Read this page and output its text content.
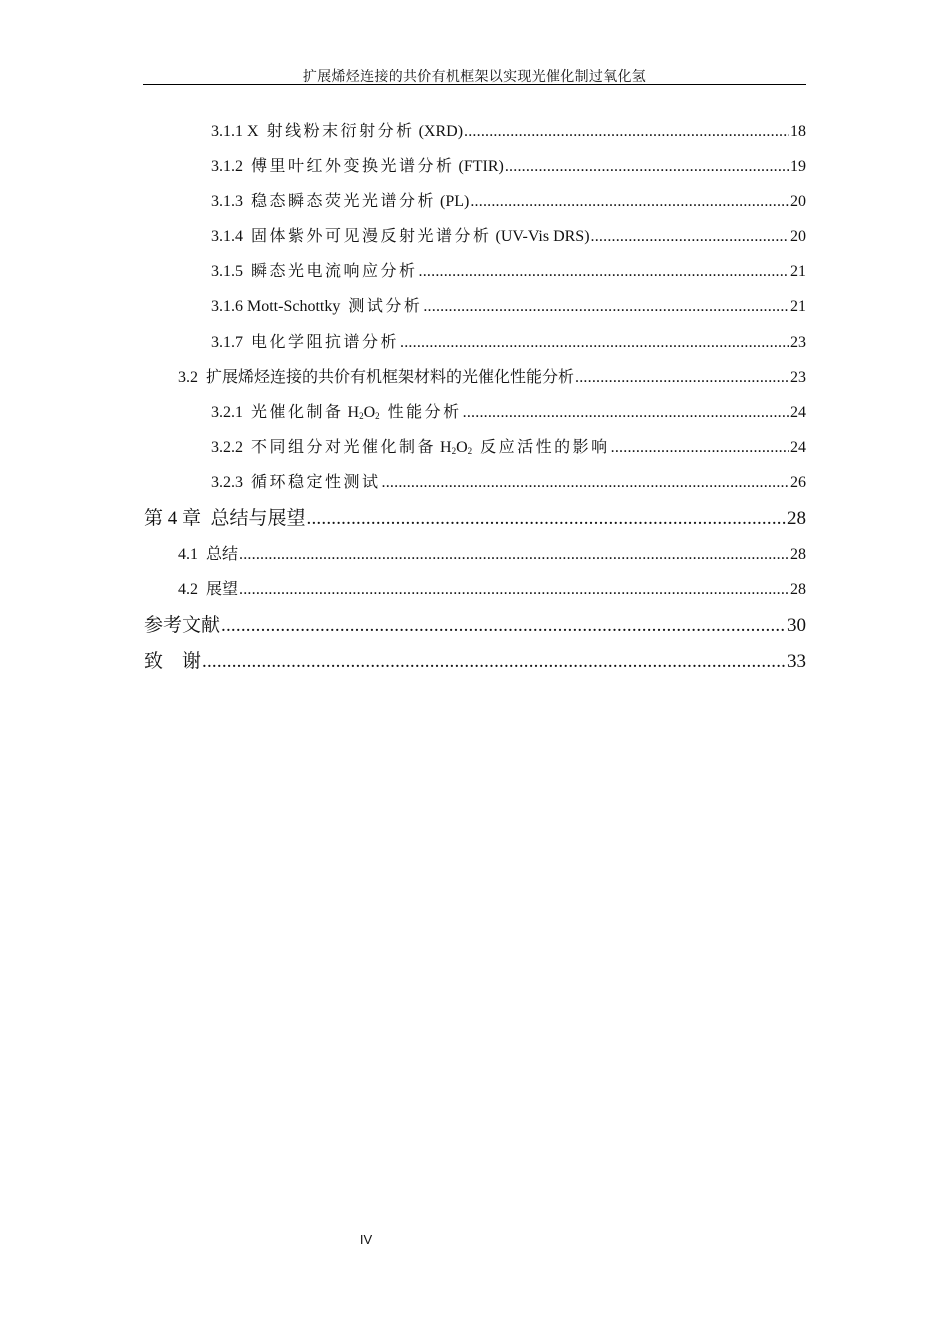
扩展烯烃连接的共价有机框架以实现光催化制过氧化氢
3.1.1 X 射线粉末衍射分析 (XRD) .....	18
3.1.2 傅里叶红外变换光谱分析 (FTIR) .....	19
3.1.3 稳态瞬态荧光光谱分析 (PL) .....	20
3.1.4 固体紫外可见漫反射光谱分析 (UV-Vis DRS) .....	20
3.1.5 瞬态光电流响应分析 .....	21
3.1.6 Mott-Schottky 测试分析 .....	21
3.1.7 电化学阻抗谱分析 .....	23
3.2 扩展烯烃连接的共价有机框架材料的光催化性能分析 .....	23
3.2.1 光催化制备 $H_2O_2$ 性能分析 .....	24
3.2.2 不同组分对光催化制备 $H_2O_2$ 反应活性的影响 .....	24
3.2.3 循环稳定性测试 .....	26
第 4 章 总结与展望 .....	28
4.1 总结 .....	28
4.2 展望 .....	28
参考文献 .....	30
致　谢 .....	33
IV
